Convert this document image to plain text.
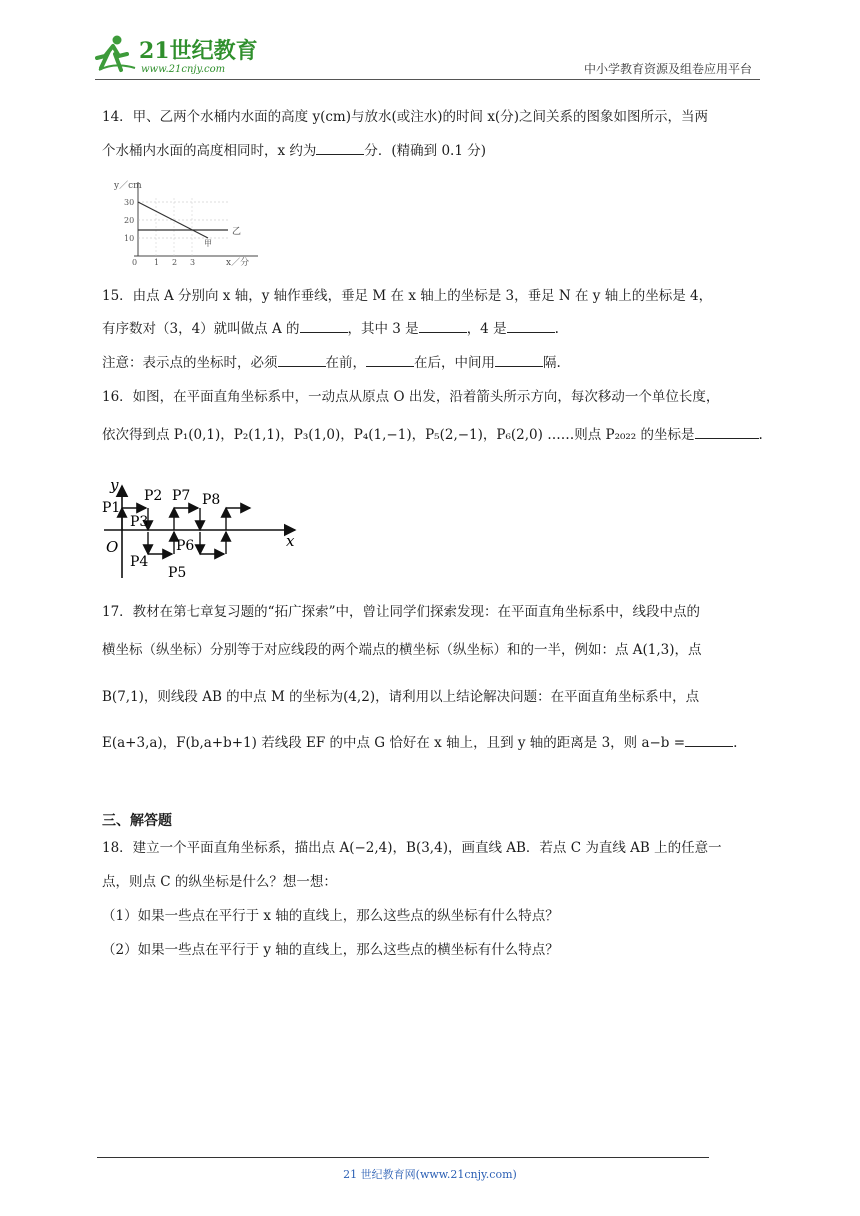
21世纪教育
www.21cnjy.com	中小学教育资源及组卷应用平台
14．甲、乙两个水桶内水面的高度 y(cm)与放水(或注水)的时间 x(分)之间关系的图象如图所示，当两
个水桶内水面的高度相同时，x 约为	分．(精确到 0.1 分)
y／cm
30
20
10
0 1 2 3	x／分
乙
甲
15．由点 A 分别向 x 轴，y 轴作垂线，垂足 M 在 x 轴上的坐标是 3，垂足 N 在 y 轴上的坐标是 4，
有序数对（3，4）就叫做点 A 的	，其中 3 是	，4 是	.
注意：表示点的坐标时，必须	在前，	在后，中间用	隔.
16．如图，在平面直角坐标系中，一动点从原点 O 出发，沿着箭头所示方向，每次移动一个单位长度，
依次得到点 P₁(0,1)，P₂(1,1)，P₃(1,0)，P₄(1,−1)，P₅(2,−1)，P₆(2,0) ……则点 P₂₀₂₂ 的坐标是	.
y
x
O
P1
P2
P3
P4
P5
P6
P7 P8
17．教材在第七章复习题的“拓广探索”中，曾让同学们探索发现：在平面直角坐标系中，线段中点的
横坐标（纵坐标）分别等于对应线段的两个端点的横坐标（纵坐标）和的一半，例如：点 A(1,3)，点
B(7,1)，则线段 AB 的中点 M 的坐标为(4,2)，请利用以上结论解决问题：在平面直角坐标系中，点
E(a+3,a)，F(b,a+b+1) 若线段 EF 的中点 G 恰好在 x 轴上，且到 y 轴的距离是 3，则 a−b =	.
三、解答题
18．建立一个平面直角坐标系，描出点 A(−2,4)，B(3,4)，画直线 AB．若点 C 为直线 AB 上的任意一
点，则点 C 的纵坐标是什么？想一想：
（1）如果一些点在平行于 x 轴的直线上，那么这些点的纵坐标有什么特点？
（2）如果一些点在平行于 y 轴的直线上，那么这些点的横坐标有什么特点？
21 世纪教育网(www.21cnjy.com)
